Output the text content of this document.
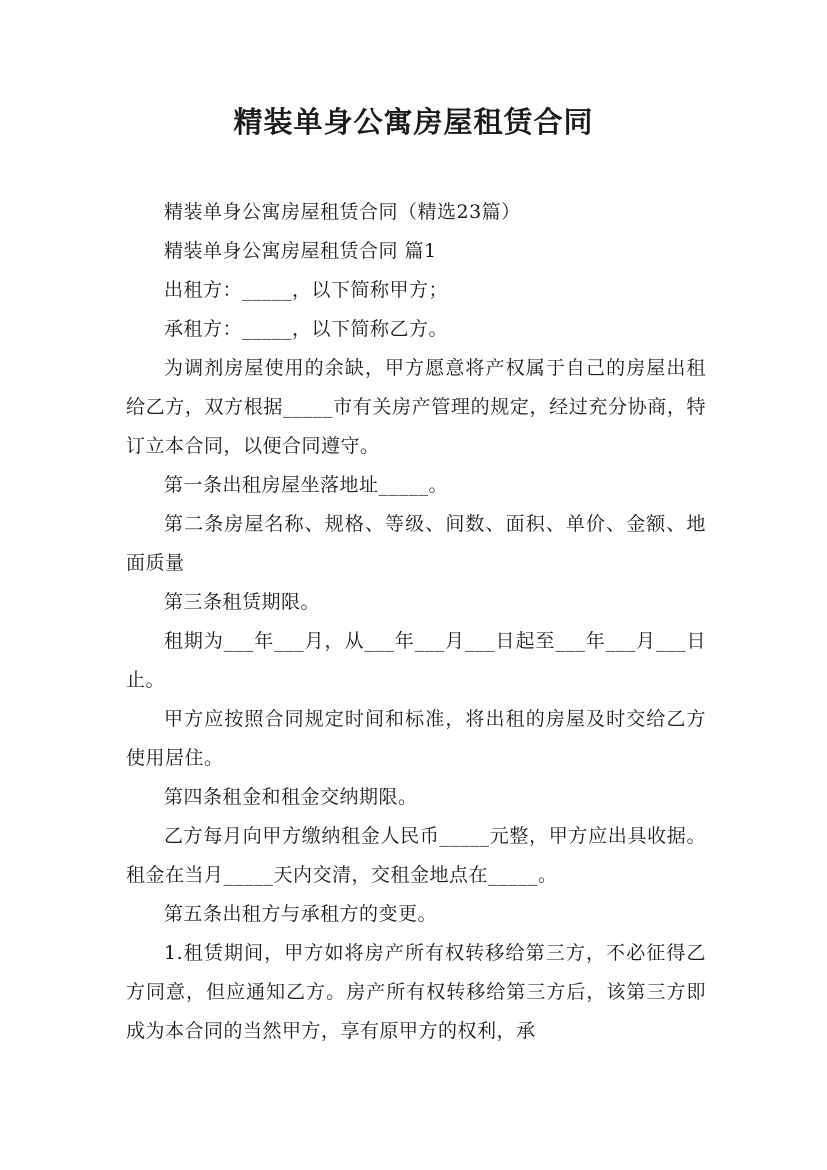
精装单身公寓房屋租赁合同

精装单身公寓房屋租赁合同（精选23篇）

精装单身公寓房屋租赁合同 篇1

出租方：_____，以下简称甲方；

承租方：_____，以下简称乙方。

为调剂房屋使用的余缺，甲方愿意将产权属于自己的房屋出租给乙方，双方根据_____市有关房产管理的规定，经过充分协商，特订立本合同，以便合同遵守。

第一条出租房屋坐落地址_____。

第二条房屋名称、规格、等级、间数、面积、单价、金额、地面质量

第三条租赁期限。

租期为___年___月，从___年___月___日起至___年___月___日止。

甲方应按照合同规定时间和标准，将出租的房屋及时交给乙方使用居住。

第四条租金和租金交纳期限。

乙方每月向甲方缴纳租金人民币_____元整，甲方应出具收据。租金在当月_____天内交清，交租金地点在_____。

第五条出租方与承租方的变更。

1.租赁期间，甲方如将房产所有权转移给第三方，不必征得乙方同意，但应通知乙方。房产所有权转移给第三方后，该第三方即成为本合同的当然甲方，享有原甲方的权利，承
